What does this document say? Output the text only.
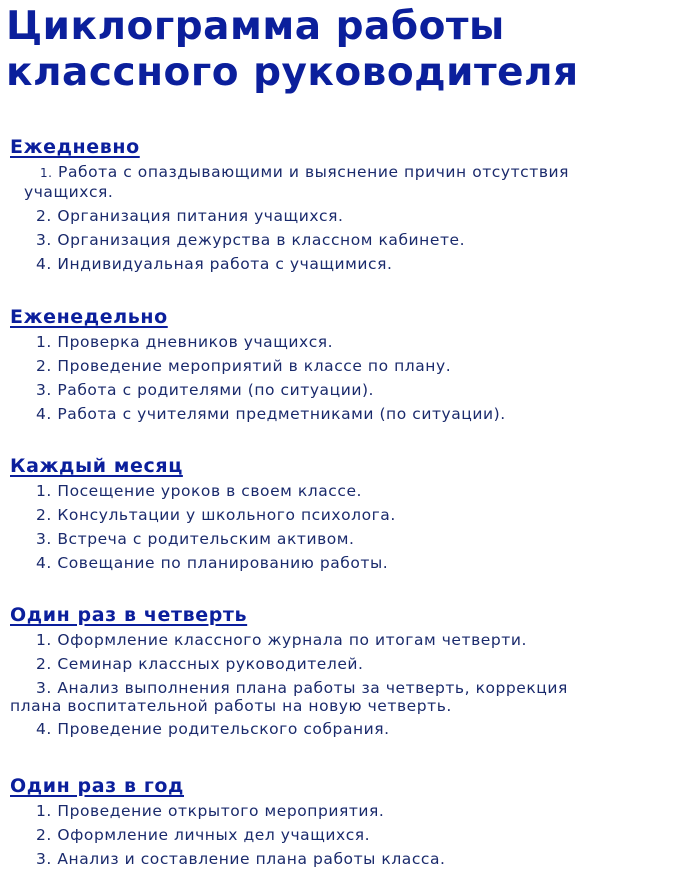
Циклограмма работы
классного руководителя
Ежедневно
1. Работа с опаздывающими и выяснение причин отсутствия
учащихся.
2. Организация питания учащихся.
3. Организация дежурства в классном кабинете.
4. Индивидуальная работа с учащимися.
Еженедельно
1. Проверка дневников учащихся.
2. Проведение мероприятий в классе по плану.
3. Работа с родителями (по ситуации).
4. Работа с учителями предметниками (по ситуации).
Каждый месяц
1. Посещение уроков в своем классе.
2. Консультации у школьного психолога.
3. Встреча с родительским активом.
4. Совещание по планированию работы.
Один раз в четверть
1. Оформление классного журнала по итогам четверти.
2. Семинар классных руководителей.
3. Анализ выполнения плана работы за четверть, коррекция
плана воспитательной работы на новую четверть.
4. Проведение родительского собрания.
Один раз в год
1. Проведение открытого мероприятия.
2. Оформление личных дел учащихся.
3. Анализ и составление плана работы класса.
